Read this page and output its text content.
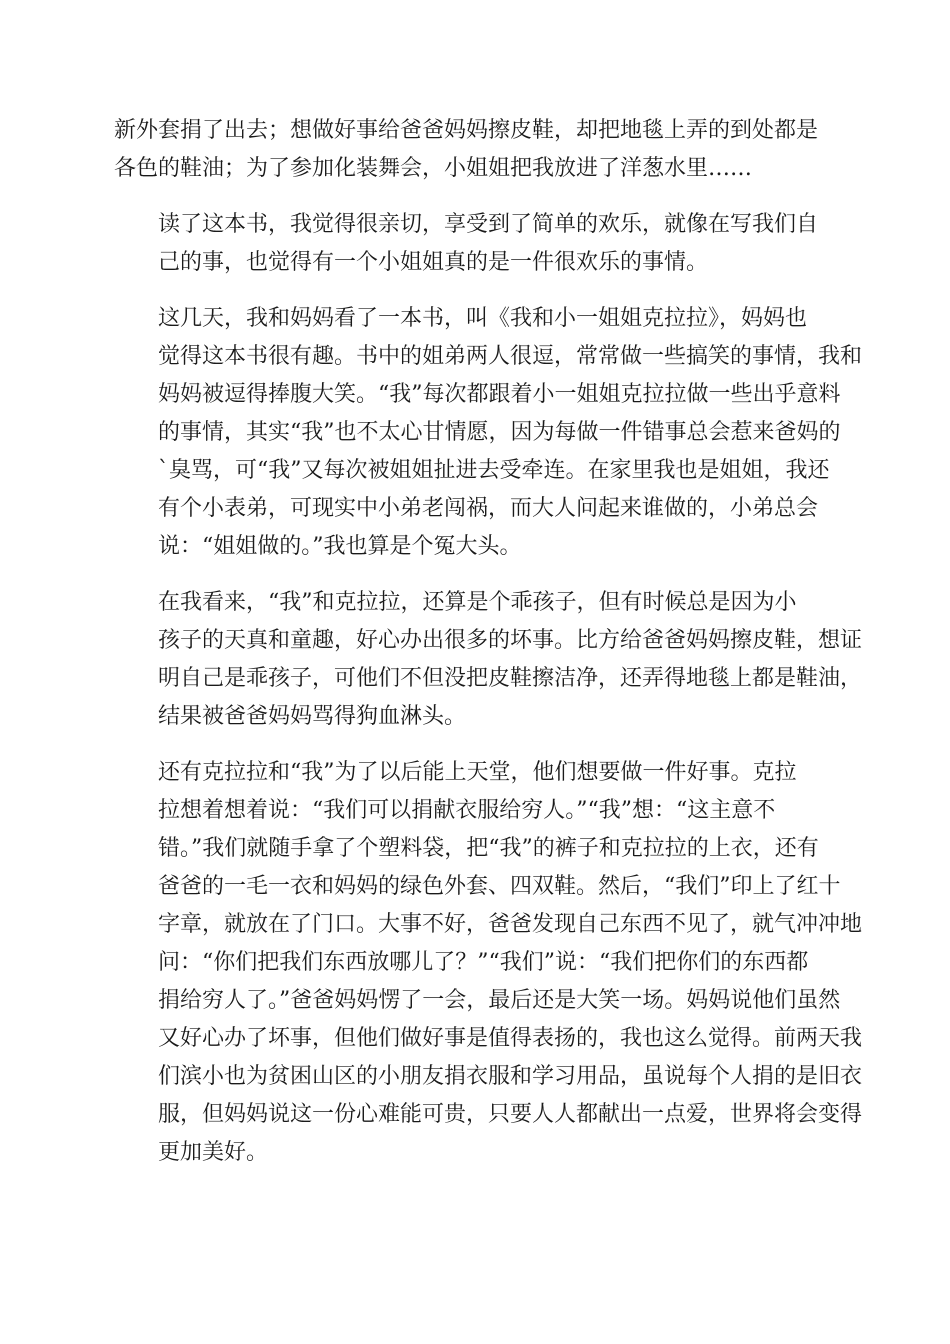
新外套捐了出去；想做好事给爸爸妈妈擦皮鞋，却把地毯上弄的到处都是
各色的鞋油；为了参加化装舞会，小姐姐把我放进了洋葱水里……

读了这本书，我觉得很亲切，享受到了简单的欢乐，就像在写我们自
己的事，也觉得有一个小姐姐真的是一件很欢乐的事情。

这几天，我和妈妈看了一本书，叫《我和小一姐姐克拉拉》，妈妈也
觉得这本书很有趣。书中的姐弟两人很逗，常常做一些搞笑的事情，我和
妈妈被逗得捧腹大笑。“我”每次都跟着小一姐姐克拉拉做一些出乎意料
的事情，其实“我”也不太心甘情愿，因为每做一件错事总会惹来爸妈的
`臭骂，可“我”又每次被姐姐扯进去受牵连。在家里我也是姐姐，我还
有个小表弟，可现实中小弟老闯祸，而大人问起来谁做的，小弟总会
说：“姐姐做的。”我也算是个冤大头。

在我看来，“我”和克拉拉，还算是个乖孩子，但有时候总是因为小
孩子的天真和童趣，好心办出很多的坏事。比方给爸爸妈妈擦皮鞋，想证
明自己是乖孩子，可他们不但没把皮鞋擦洁净，还弄得地毯上都是鞋油，
结果被爸爸妈妈骂得狗血淋头。

还有克拉拉和“我”为了以后能上天堂，他们想要做一件好事。克拉
拉想着想着说：“我们可以捐献衣服给穷人。”“我”想：“这主意不
错。”我们就随手拿了个塑料袋，把“我”的裤子和克拉拉的上衣，还有
爸爸的一毛一衣和妈妈的绿色外套、四双鞋。然后，“我们”印上了红十
字章，就放在了门口。大事不好，爸爸发现自己东西不见了，就气冲冲地
问：“你们把我们东西放哪儿了？”“我们”说：“我们把你们的东西都
捐给穷人了。”爸爸妈妈愣了一会，最后还是大笑一场。妈妈说他们虽然
又好心办了坏事，但他们做好事是值得表扬的，我也这么觉得。前两天我
们滨小也为贫困山区的小朋友捐衣服和学习用品，虽说每个人捐的是旧衣
服，但妈妈说这一份心难能可贵，只要人人都献出一点爱，世界将会变得
更加美好。
